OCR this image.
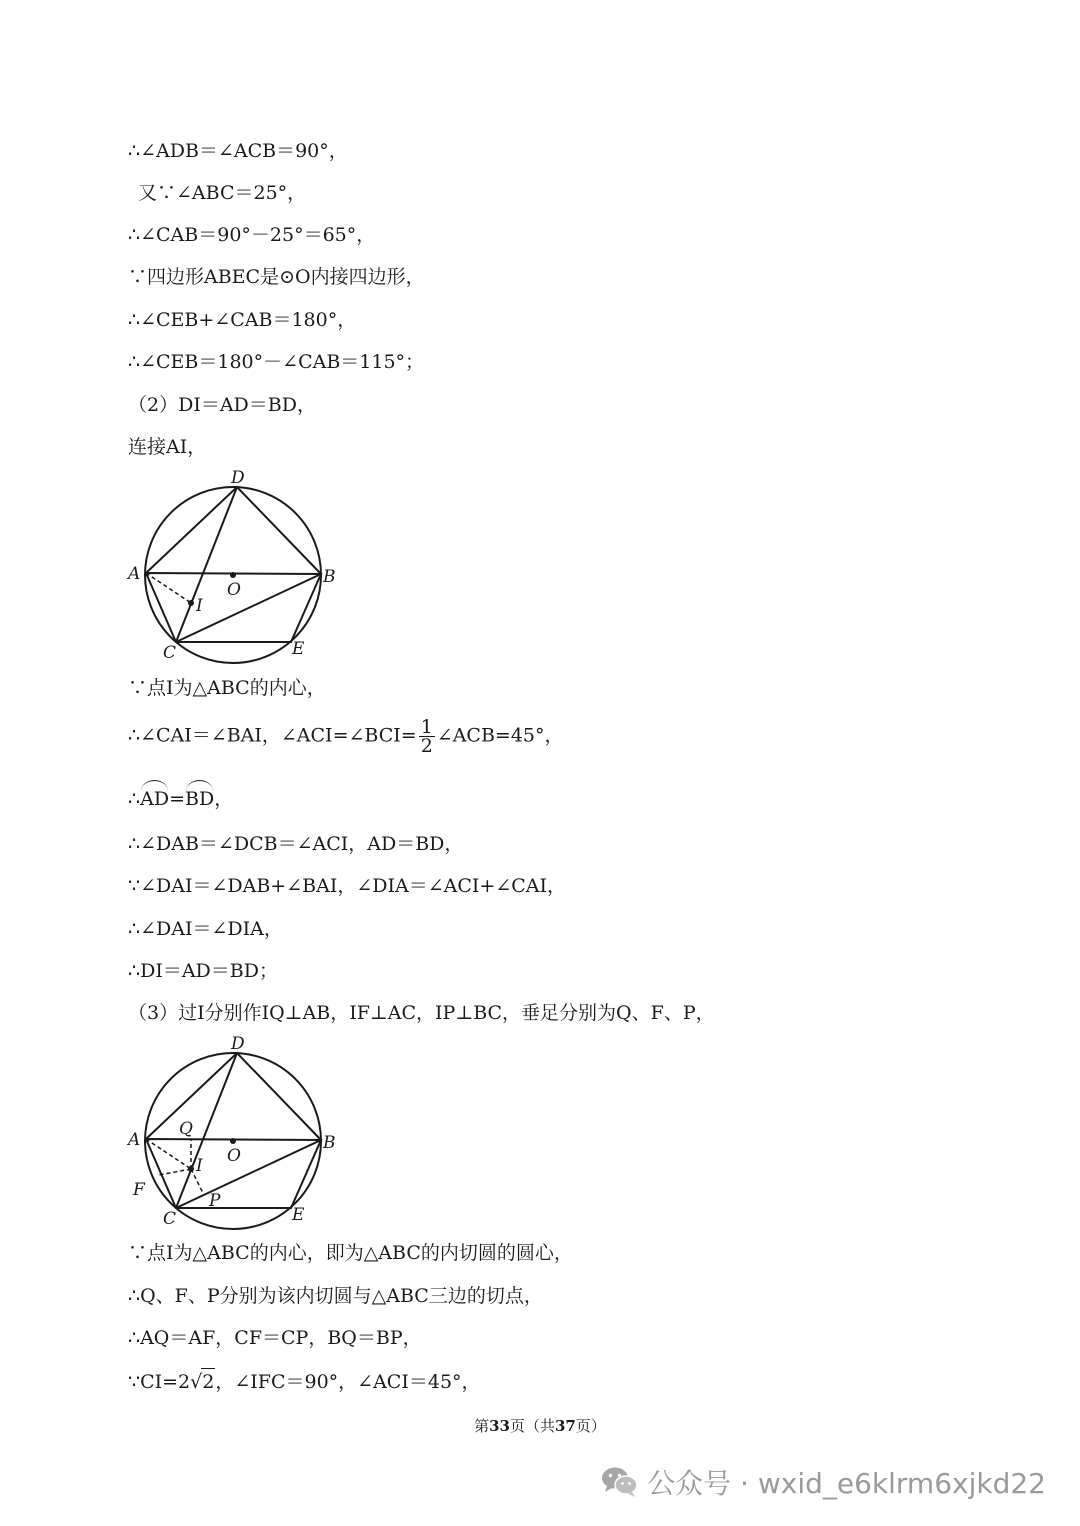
∴∠ADB＝∠ACB＝90°，
又∵∠ABC＝25°，
∴∠CAB＝90°－25°＝65°，
∵四边形ABEC是⊙O内接四边形，
∴∠CEB+∠CAB＝180°，
∴∠CEB＝180°－∠CAB＝115°；
（2）DI＝AD＝BD，
连接AI，
D
A	B
O
I
C	E
∵点I为△ABC的内心，
∴∠CAI＝∠BAI，∠ACI=∠BCI= $\frac{1}{2}$ ∠ACB=45°，
∴AD=BD，
∴∠DAB＝∠DCB＝∠ACI，AD＝BD，
∵∠DAI＝∠DAB+∠BAI，∠DIA＝∠ACI+∠CAI，
∴∠DAI＝∠DIA，
∴DI＝AD＝BD；
（3）过I分别作IQ⊥AB，IF⊥AC，IP⊥BC，垂足分别为Q、F、P，
D
A	B
O
I
Q
F
P
C	E
∵点I为△ABC的内心，即为△ABC的内切圆的圆心，
∴Q、F、P分别为该内切圆与△ABC三边的切点，
∴AQ＝AF，CF＝CP，BQ＝BP，
∵CI=2√2，∠IFC＝90°，∠ACI＝45°，
第33页（共37页）
公众号 · wxid_e6klrm6xjkd22
